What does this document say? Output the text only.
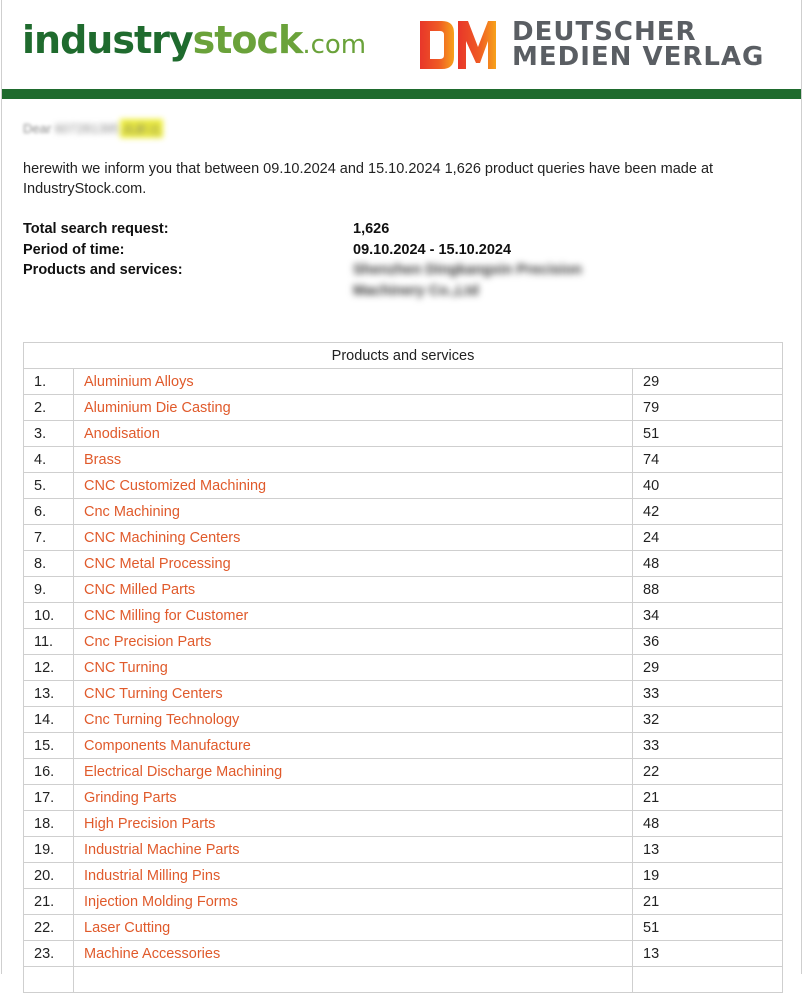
industrystock.com	DEUTSCHER
MEDIEN VERLAG
Dear
607281395 高新达
herewith we inform you that between 09.10.2024 and 15.10.2024 1,626 product queries have been made at IndustryStock.com.
Total search request:	1,626
Period of time:	09.10.2024 - 15.10.2024
Products and services:	Shenzhen Dingkangxin Precision Machinery Co.,Ltd
Products and services		
1.	Aluminium Alloys	29
2.	Aluminium Die Casting	79
3.	Anodisation	51
4.	Brass	74
5.	CNC Customized Machining	40
6.	Cnc Machining	42
7.	CNC Machining Centers	24
8.	CNC Metal Processing	48
9.	CNC Milled Parts	88
10.	CNC Milling for Customer	34
11.	Cnc Precision Parts	36
12.	CNC Turning	29
13.	CNC Turning Centers	33
14.	Cnc Turning Technology	32
15.	Components Manufacture	33
16.	Electrical Discharge Machining	22
17.	Grinding Parts	21
18.	High Precision Parts	48
19.	Industrial Machine Parts	13
20.	Industrial Milling Pins	19
21.	Injection Molding Forms	21
22.	Laser Cutting	51
23.	Machine Accessories	13
